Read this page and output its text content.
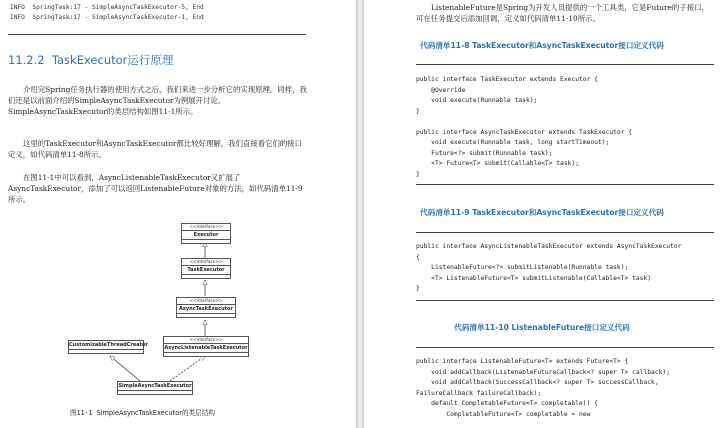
INFO  SpringTask:17 - SimpleAsyncTaskExecutor-5, End
INFO  SpringTask:17 - SimpleAsyncTaskExecutor-1, End
11.2.2 TaskExecutor运行原理

介绍完Spring任务执行器的使用方式之后，我们来进一步分析它的实现原理。同样，我们还是以前面介绍的SimpleAsyncTaskExecutor为例展开讨论。SimpleAsyncTaskExecutor的类层结构如图11-1所示。

这里的TaskExecutor和AsyncTaskExecutor都比较好理解，我们直接看它们的接口定义，如代码清单11-8所示。

在图11-1中可以看到，AsyncListenableTaskExecutor又扩展了AsyncTaskExecutor，添加了可以返回ListenableFuture对象的方法，如代码清单11-9所示。

<<interface>>
Executor
<<interface>>
TaskExecutor
<<interface>>
AsyncTaskExecutor
CustomizableThreadCreator
<<interface>>
AsyncListenableTaskExecutor
SimpleAsyncTaskExecutor
图11-1 SimpleAsyncTaskExecutor的类层结构

ListenableFuture是Spring为开发人员提供的一个工具类，它是Future的子接口，可在任务提交后添加回调，定义如代码清单11-10所示。

代码清单11-8 TaskExecutor和AsyncTaskExecutor接口定义代码
public interface TaskExecutor extends Executor {
@Override
void execute(Runnable task);
}

public interface AsyncTaskExecutor extends TaskExecutor {
void execute(Runnable task, long startTimeout);
Future<?> submit(Runnable task);
<T> Future<T> submit(Callable<T> task);
}
代码清单11-9 TaskExecutor和AsyncTaskExecutor接口定义代码
public interface AsyncListenableTaskExecutor extends AsyncTaskExecutor
{
ListenableFuture<?> submitListenable(Runnable task);
<T> ListenableFuture<T> submitListenable(Callable<T> task)
}
代码清单11-10 ListenableFuture接口定义代码
public interface ListenableFuture<T> extends Future<T> {
void addCallback(ListenableFutureCallback<? super T> callback);
void addCallback(SuccessCallback<? super T> successCallback,
FailureCallback failureCallback);
default CompletableFuture<T> completable() {
CompletableFuture<T> completable = new
